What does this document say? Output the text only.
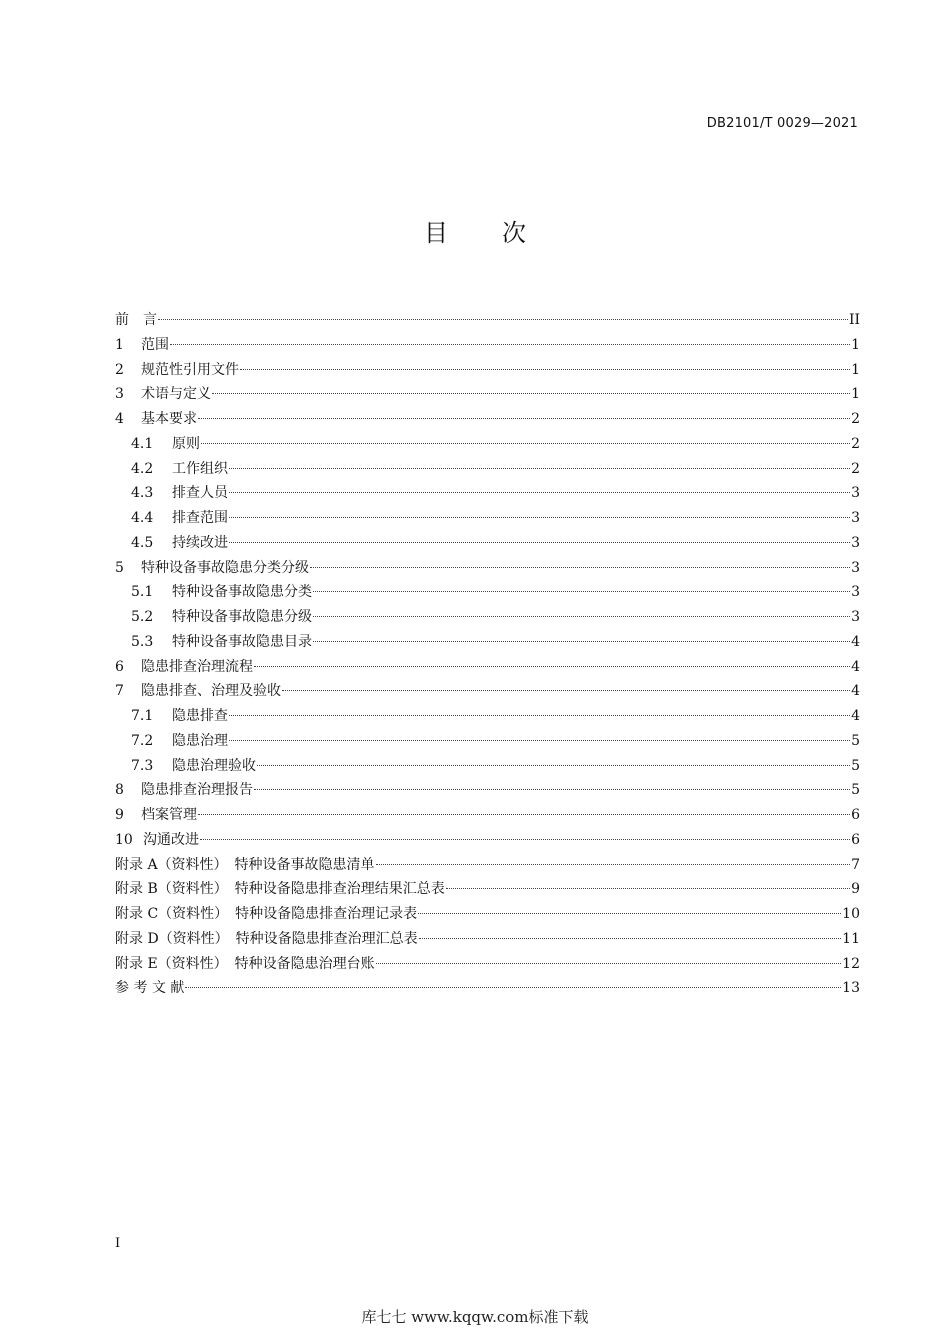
DB2101/T 0029—2021
目 次
前　言	II
1	范围	1
2	规范性引用文件	1
3	术语与定义	1
4	基本要求	2
4.1	原则	2
4.2	工作组织	2
4.3	排查人员	3
4.4	排查范围	3
4.5	持续改进	3
5	特种设备事故隐患分类分级	3
5.1	特种设备事故隐患分类	3
5.2	特种设备事故隐患分级	3
5.3	特种设备事故隐患目录	4
6	隐患排查治理流程	4
7	隐患排查、治理及验收	4
7.1	隐患排查	4
7.2	隐患治理	5
7.3	隐患治理验收	5
8	隐患排查治理报告	5
9	档案管理	6
10 沟通改进	6
附录 A（资料性）　特种设备事故隐患清单	7
附录 B（资料性）　特种设备隐患排查治理结果汇总表	9
附录 C（资料性）　特种设备隐患排查治理记录表	10
附录 D（资料性）　特种设备隐患排查治理汇总表	11
附录 E（资料性）　特种设备隐患治理台账	12
参 考 文 献	13
I
库七七 www.kqqw.com标准下载
